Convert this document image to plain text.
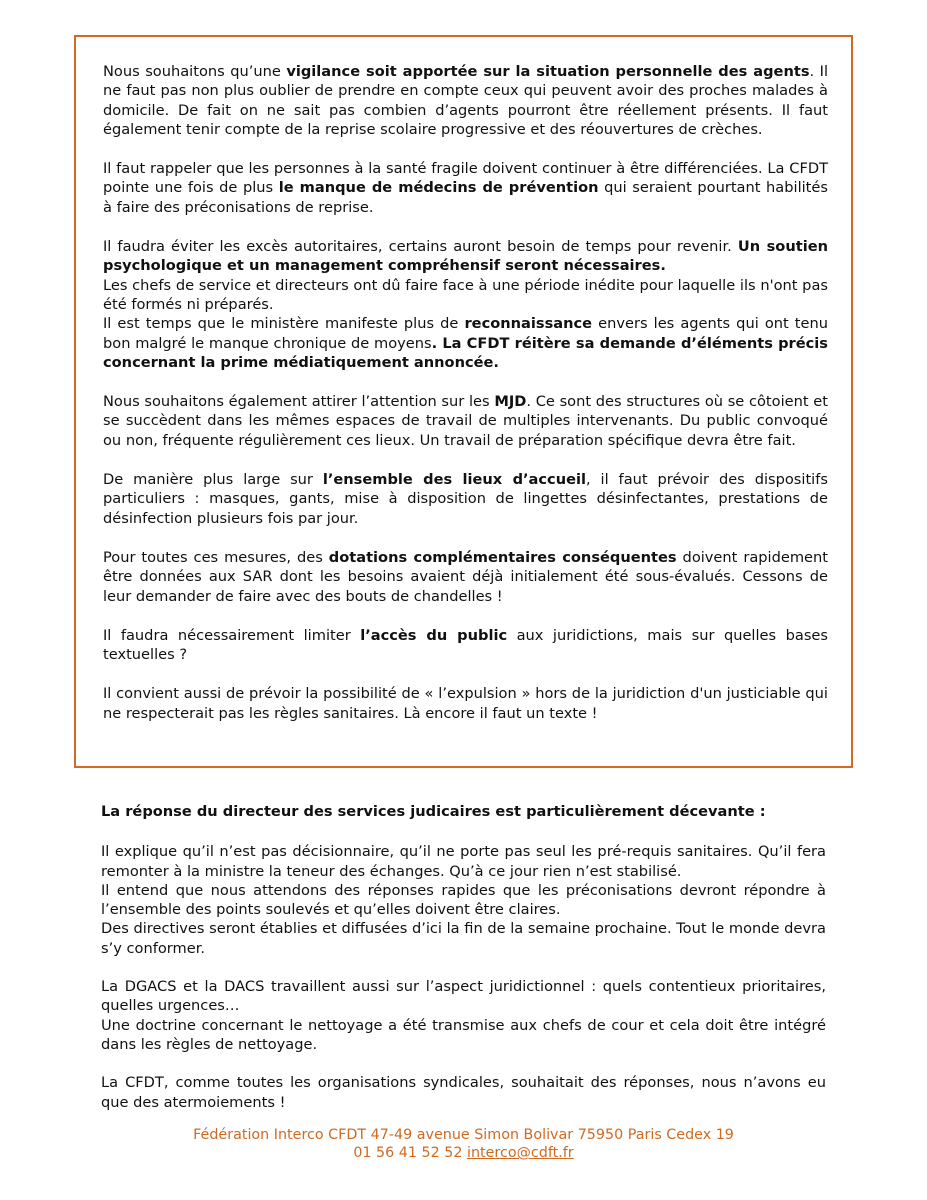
Nous souhaitons qu’une vigilance soit apportée sur la situation personnelle des agents. Il ne faut pas non plus oublier de prendre en compte ceux qui peuvent avoir des proches malades à domicile. De fait on ne sait pas combien d’agents pourront être réellement présents. Il faut également tenir compte de la reprise scolaire progressive et des réouvertures de crèches.

Il faut rappeler que les personnes à la santé fragile doivent continuer à être différenciées. La CFDT pointe une fois de plus le manque de médecins de prévention qui seraient pourtant habilités à faire des préconisations de reprise.

Il faudra éviter les excès autoritaires, certains auront besoin de temps pour revenir. Un soutien psychologique et un management compréhensif seront nécessaires.
Les chefs de service et directeurs ont dû faire face à une période inédite pour laquelle ils n'ont pas été formés ni préparés.
Il est temps que le ministère manifeste plus de reconnaissance envers les agents qui ont tenu bon malgré le manque chronique de moyens. La CFDT réitère sa demande d’éléments précis concernant la prime médiatiquement annoncée.

Nous souhaitons également attirer l’attention sur les MJD. Ce sont des structures où se côtoient et se succèdent dans les mêmes espaces de travail de multiples intervenants. Du public convoqué ou non, fréquente régulièrement ces lieux. Un travail de préparation spécifique devra être fait.

De manière plus large sur l’ensemble des lieux d’accueil, il faut prévoir des dispositifs particuliers : masques, gants, mise à disposition de lingettes désinfectantes, prestations de désinfection plusieurs fois par jour.

Pour toutes ces mesures, des dotations complémentaires conséquentes doivent rapidement être données aux SAR dont les besoins avaient déjà initialement été sous-évalués. Cessons de leur demander de faire avec des bouts de chandelles !

Il faudra nécessairement limiter l’accès du public aux juridictions, mais sur quelles bases textuelles ?

Il convient aussi de prévoir la possibilité de « l’expulsion » hors de la juridiction d'un justiciable qui ne respecterait pas les règles sanitaires. Là encore il faut un texte !

La réponse du directeur des services judicaires est particulièrement décevante :

Il explique qu’il n’est pas décisionnaire, qu’il ne porte pas seul les pré-requis sanitaires. Qu’il fera remonter à la ministre la teneur des échanges. Qu’à ce jour rien n’est stabilisé.
Il entend que nous attendons des réponses rapides que les préconisations devront répondre à l’ensemble des points soulevés et qu’elles doivent être claires.
Des directives seront établies et diffusées d’ici la fin de la semaine prochaine. Tout le monde devra s’y conformer.

La DGACS et la DACS travaillent aussi sur l’aspect juridictionnel : quels contentieux prioritaires, quelles urgences…
Une doctrine concernant le nettoyage a été transmise aux chefs de cour et cela doit être intégré dans les règles de nettoyage.

La CFDT, comme toutes les organisations syndicales, souhaitait des réponses, nous n’avons eu que des atermoiements !

Fédération Interco CFDT 47-49 avenue Simon Bolivar 75950 Paris Cedex 19
01 56 41 52 52 interco@cdft.fr
